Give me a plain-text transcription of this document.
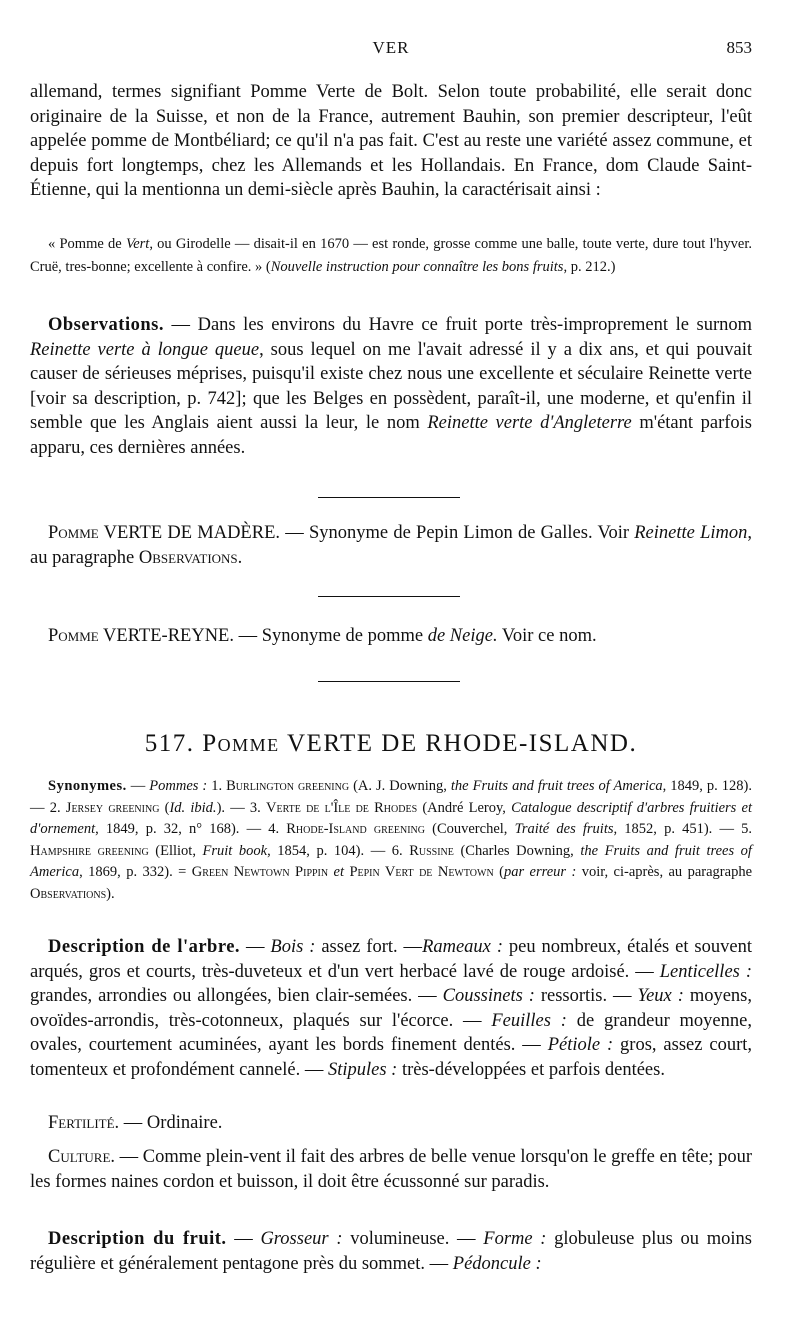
VER	853
allemand, termes signifiant Pomme Verte de Bolt. Selon toute probabilité, elle serait donc originaire de la Suisse, et non de la France, autrement Bauhin, son premier descripteur, l'eût appelée pomme de Montbéliard; ce qu'il n'a pas fait. C'est au reste une variété assez commune, et depuis fort longtemps, chez les Allemands et les Hollandais. En France, dom Claude Saint-Étienne, qui la mentionna un demi-siècle après Bauhin, la caractérisait ainsi :
« Pomme de Vert, ou Girodelle — disait-il en 1670 — est ronde, grosse comme une balle, toute verte, dure tout l'hyver. Cruë, tres-bonne; excellente à confire. » (Nouvelle instruction pour connaître les bons fruits, p. 212.)
Observations. — Dans les environs du Havre ce fruit porte très-improprement le surnom Reinette verte à longue queue, sous lequel on me l'avait adressé il y a dix ans, et qui pouvait causer de sérieuses méprises, puisqu'il existe chez nous une excellente et séculaire Reinette verte [voir sa description, p. 742]; que les Belges en possèdent, paraît-il, une moderne, et qu'enfin il semble que les Anglais aient aussi la leur, le nom Reinette verte d'Angleterre m'étant parfois apparu, ces dernières années.
Pomme VERTE DE MADÈRE. — Synonyme de Pepin Limon de Galles. Voir Reinette Limon, au paragraphe Observations.
Pomme VERTE-REYNE. — Synonyme de pomme de Neige. Voir ce nom.
517. Pomme VERTE DE RHODE-ISLAND.
Synonymes. — Pommes : 1. Burlington greening (A. J. Downing, the Fruits and fruit trees of America, 1849, p. 128). — 2. Jersey greening (Id. ibid.). — 3. Verte de l'Île de Rhodes (André Leroy, Catalogue descriptif d'arbres fruitiers et d'ornement, 1849, p. 32, n° 168). — 4. Rhode-Island greening (Couverchel, Traité des fruits, 1852, p. 451). — 5. Hampshire greening (Elliot, Fruit book, 1854, p. 104). — 6. Russine (Charles Downing, the Fruits and fruit trees of America, 1869, p. 332). = Green Newtown Pippin et Pepin Vert de Newtown (par erreur : voir, ci-après, au paragraphe Observations).
Description de l'arbre. — Bois : assez fort. —Rameaux : peu nombreux, étalés et souvent arqués, gros et courts, très-duveteux et d'un vert herbacé lavé de rouge ardoisé. — Lenticelles : grandes, arrondies ou allongées, bien clair-semées. — Coussinets : ressortis. — Yeux : moyens, ovoïdes-arrondis, très-cotonneux, plaqués sur l'écorce. — Feuilles : de grandeur moyenne, ovales, courtement acuminées, ayant les bords finement dentés. — Pétiole : gros, assez court, tomenteux et profondément cannelé. — Stipules : très-développées et parfois dentées.
Fertilité. — Ordinaire.
Culture. — Comme plein-vent il fait des arbres de belle venue lorsqu'on le greffe en tête; pour les formes naines cordon et buisson, il doit être écussonné sur paradis.
Description du fruit. — Grosseur : volumineuse. — Forme : globuleuse plus ou moins régulière et généralement pentagone près du sommet. — Pédoncule :
